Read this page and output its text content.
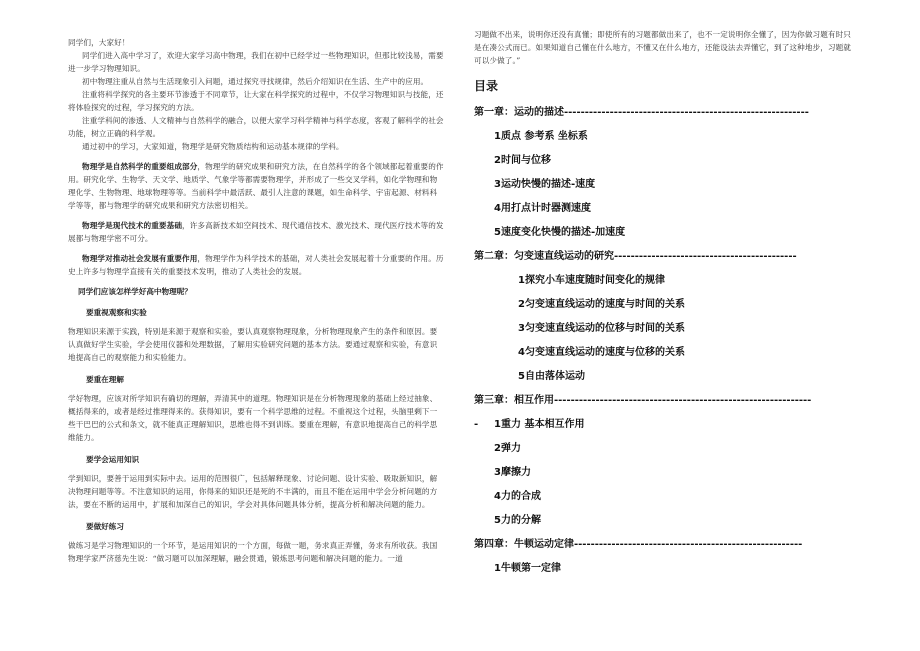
同学们，大家好！

同学们进入高中学习了，欢迎大家学习高中物理，我们在初中已经学过一些物理知识，但那比较浅易，需要进一步学习物理知识。

初中物理注重从自然与生活现象引入问题，通过探究寻找规律，然后介绍知识在生活、生产中的应用。

注重将科学探究的各主要环节渗透于不同章节，让大家在科学探究的过程中，不仅学习物理知识与技能，还将体验探究的过程，学习探究的方法。

注重学科间的渗透、人文精神与自然科学的融合，以便大家学习科学精神与科学态度，客观了解科学的社会功能，树立正确的科学观。

通过初中的学习，大家知道，物理学是研究物质结构和运动基本规律的学科。

物理学是自然科学的重要组成部分，物理学的研究成果和研究方法，在自然科学的各个领域都起着重要的作用。研究化学、生物学、天文学、地质学、气象学等都需要物理学，并形成了一些交叉学科，如化学物理和物理化学、生物物理、地球物理等等。当前科学中最活跃、最引人注意的课题，如生命科学、宇宙起源、材料科学等等，都与物理学的研究成果和研究方法密切相关。

物理学是现代技术的重要基础，许多高新技术如空间技术、现代通信技术、激光技术、现代医疗技术等的发展都与物理学密不可分。

物理学对推动社会发展有重要作用，物理学作为科学技术的基础，对人类社会发展起着十分重要的作用。历史上许多与物理学直接有关的重要技术发明，推动了人类社会的发展。

同学们应该怎样学好高中物理呢？
要重视观察和实验

物理知识来源于实践，特别是来源于观察和实验，要认真观察物理现象，分析物理现象产生的条件和原因。要认真做好学生实验，学会使用仪器和处理数据，了解用实验研究问题的基本方法。要通过观察和实验，有意识地提高自己的观察能力和实验能力。

要重在理解

学好物理，应该对所学知识有确切的理解，弄清其中的道理。物理知识是在分析物理现象的基础上经过抽象、概括得来的，或者是经过推理得来的。获得知识，要有一个科学思维的过程。不重视这个过程，头脑里剩下一些干巴巴的公式和条文，就不能真正理解知识，思维也得不到训练。要重在理解，有意识地提高自己的科学思维能力。

要学会运用知识

学到知识，要善于运用到实际中去。运用的范围很广，包括解释现象、讨论问题、设计实验、吸取新知识，解决物理问题等等。不注意知识的运用，你得来的知识还是死的不丰满的，而且不能在运用中学会分析问题的方法，要在不断的运用中，扩展和加深自己的知识，学会对具体问题具体分析，提高分析和解决问题的能力。

要做好练习

做练习是学习物理知识的一个环节，是运用知识的一个方面，每做一题，务求真正弄懂，务求有所收获。我国物理学家严济慈先生说：“做习题可以加深理解，融会贯通，锻炼思考问题和解决问题的能力。一道

习题做不出来，说明你还没有真懂；即使所有的习题都做出来了，也不一定说明你全懂了，因为你做习题有时只是在凑公式而已。如果知道自己懂在什么地方，不懂又在什么地方，还能设法去弄懂它，到了这种地步，习题就可以少做了。”

目录
第一章：运动的描述-----------------------------------------------------------
1质点 参考系 坐标系
2时间与位移
3运动快慢的描述-速度
4用打点计时器测速度
5速度变化快慢的描述-加速度
第二章：匀变速直线运动的研究--------------------------------------------
1探究小车速度随时间变化的规律
2匀变速直线运动的速度与时间的关系
3匀变速直线运动的位移与时间的关系
4匀变速直线运动的速度与位移的关系
5自由落体运动
第三章：相互作用--------------------------------------------------------------
- 1重力 基本相互作用
2弹力
3摩擦力
4力的合成
5力的分解
第四章：牛顿运动定律-------------------------------------------------------
1牛顿第一定律
